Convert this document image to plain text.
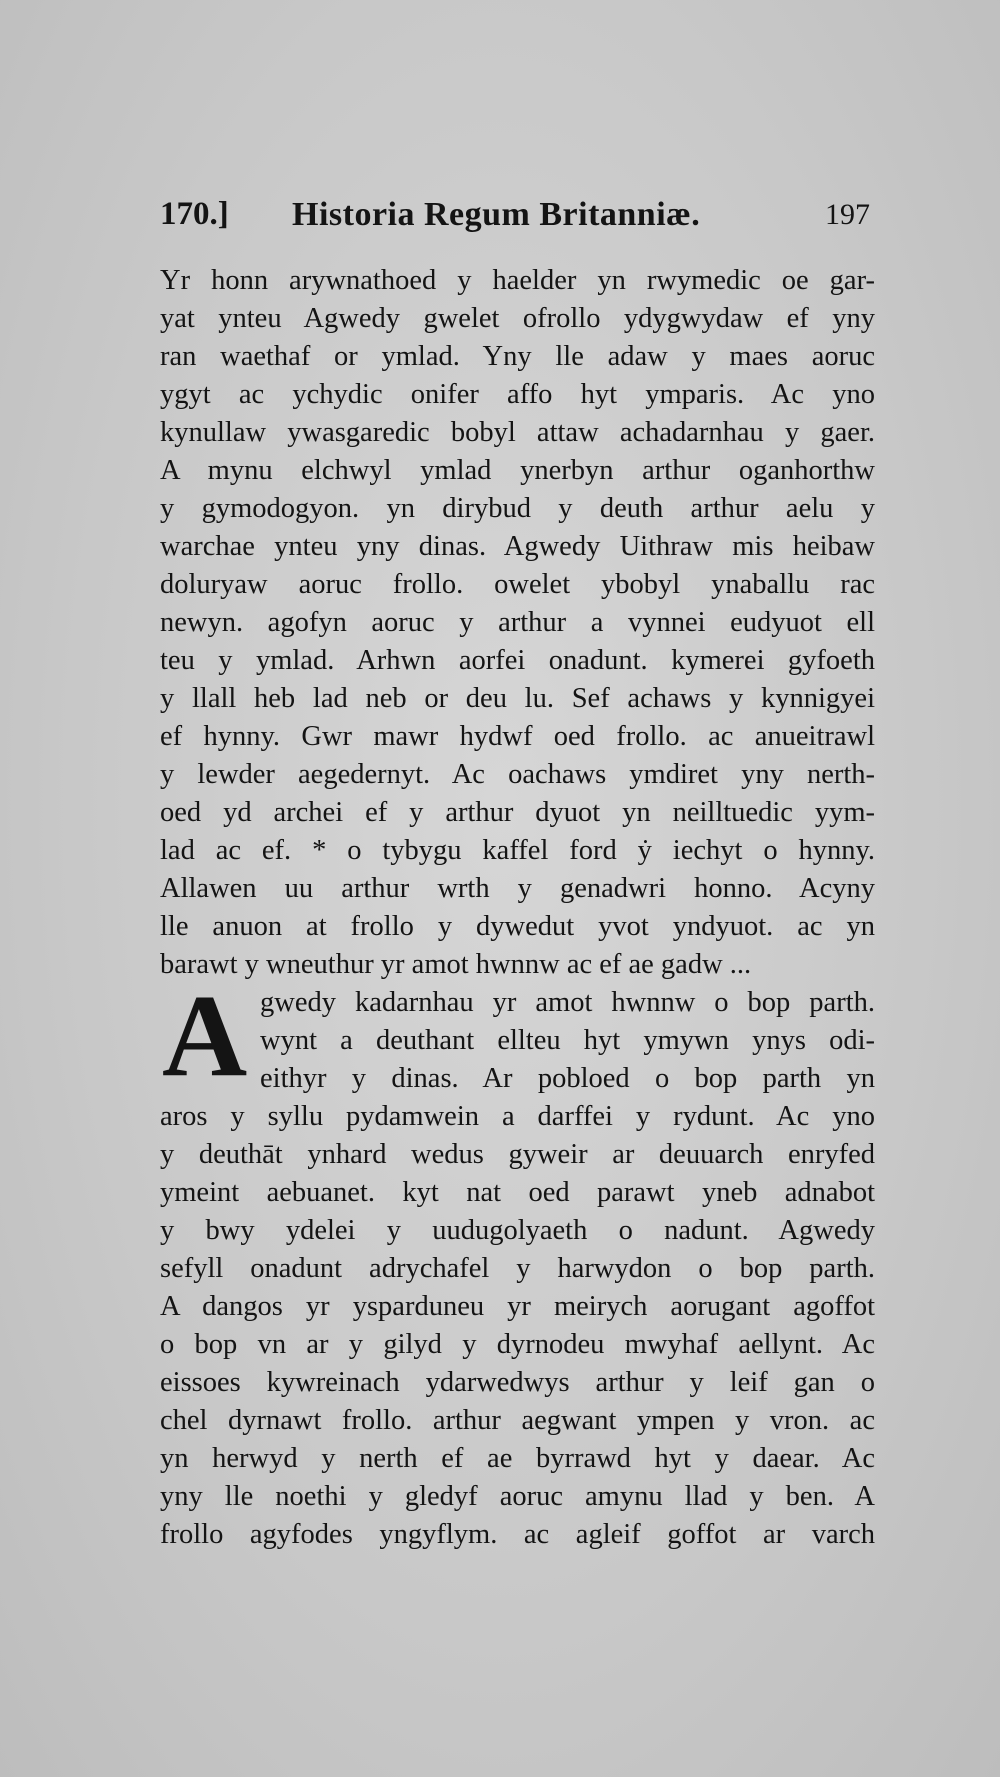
170.] Historia Regum Britanniæ.	197
A
Yr honn arywnathoed y haelder yn rwymedic oe gar-
yat ynteu Agwedy gwelet ofrollo ydygwydaw ef yny
ran waethaf or ymlad. Yny lle adaw y maes aoruc
ygyt ac ychydic onifer affo hyt ymparis. Ac yno
kynullaw ywasgaredic bobyl attaw achadarnhau y gaer.
A mynu elchwyl ymlad ynerbyn arthur oganhorthw
y gymodogyon. yn dirybud y deuth arthur aelu y
warchae ynteu yny dinas. Agwedy Uithraw mis heibaw
doluryaw aoruc frollo. owelet ybobyl ynaballu rac
newyn. agofyn aoruc y arthur a vynnei eudyuot ell
teu y ymlad. Arhwn aorfei onadunt. kymerei gyfoeth
y llall heb lad neb or deu lu. Sef achaws y kynnigyei
ef hynny. Gwr mawr hydwf oed frollo. ac anueitrawl
y lewder aegedernyt. Ac oachaws ymdiret yny nerth-
oed yd archei ef y arthur dyuot yn neilltuedic yym-
lad ac ef. * o tybygu kaffel ford ẏ iechyt o hynny.
Allawen uu arthur wrth y genadwri honno. Acyny
lle anuon at frollo y dywedut yvot yndyuot. ac yn
barawt y wneuthur yr amot hwnnw ac ef ae gadw ...
gwedy kadarnhau yr amot hwnnw o bop parth.
wynt a deuthant ellteu hyt ymywn ynys odi-
eithyr y dinas. Ar pobloed o bop parth yn
aros y syllu pydamwein a darffei y rydunt. Ac yno
y deuthāt ynhard wedus gyweir ar deuuarch enryfed
ymeint aebuanet. kyt nat oed parawt yneb adnabot
y bwy ydelei y uudugolyaeth o nadunt. Agwedy
sefyll onadunt adrychafel y harwydon o bop parth.
A dangos yr ysparduneu yr meirych aorugant agoffot
o bop vn ar y gilyd y dyrnodeu mwyhaf aellynt. Ac
eissoes kywreinach ydarwedwys arthur y leif gan o
chel dyrnawt frollo. arthur aegwant ympen y vron. ac
yn herwyd y nerth ef ae byrrawd hyt y daear. Ac
yny lle noethi y gledyf aoruc amynu llad y ben. A
frollo agyfodes yngyflym. ac agleif goffot ar varch
